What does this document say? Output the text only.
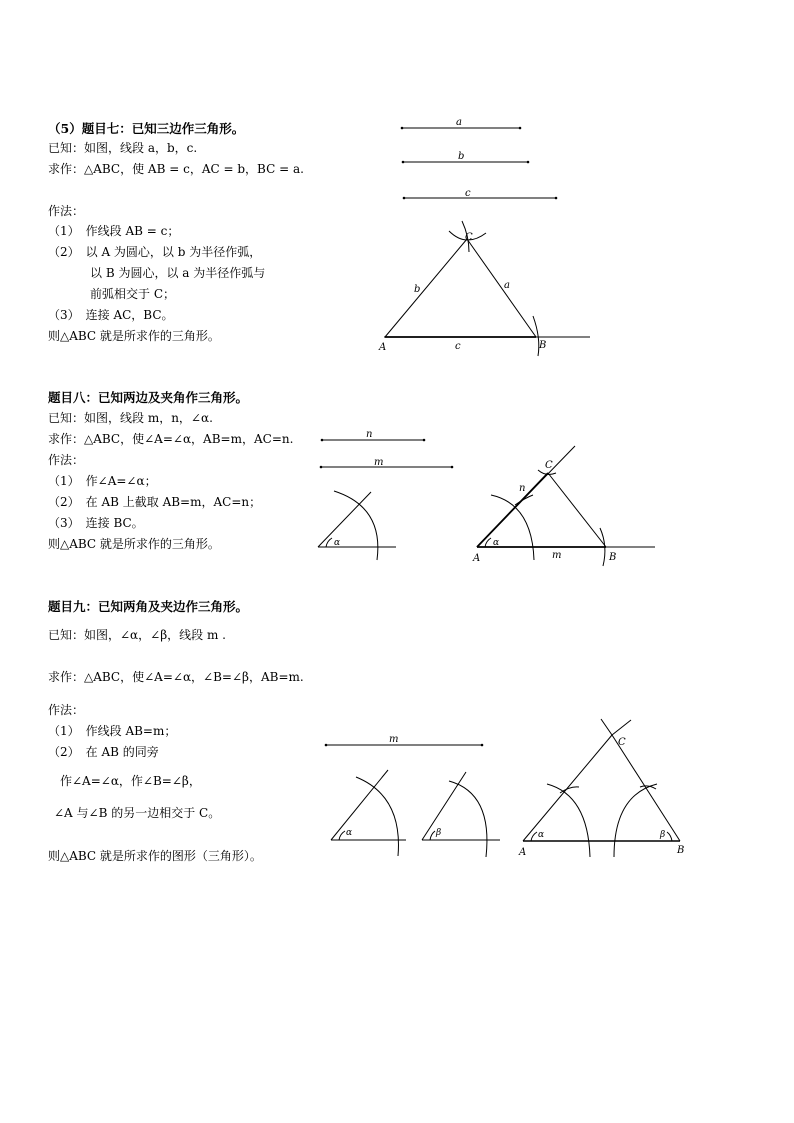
（5）题目七：已知三边作三角形。
已知：如图，线段 a，b，c.
求作：△ABC，使 AB = c，AC = b，BC = a.
作法：
（1）　作线段 AB = c；
（2）　以 A 为圆心，以 b 为半径作弧，
以 B 为圆心，以 a 为半径作弧与
前弧相交于 C；
（3）　连接 AC，BC。
则△ABC 就是所求作的三角形。
题目八：已知两边及夹角作三角形。
已知：如图，线段 m，n，∠α.
求作：△ABC，使∠A=∠α，AB=m，AC=n.
作法：
（1）　作∠A=∠α；
（2）　在 AB 上截取 AB=m，AC=n；
（3）　连接 BC。
则△ABC 就是所求作的三角形。
题目九：已知两角及夹边作三角形。
已知：如图，∠α，∠β，线段 m .
求作：△ABC，使∠A=∠α，∠B=∠β，AB=m.
作法：
（1）　作线段 AB=m；
（2）　在 AB 的同旁
作∠A=∠α，作∠B=∠β，
∠A 与∠B 的另一边相交于 C。
则△ABC 就是所求作的图形（三角形）。
a
b
c
b	a
c
A	B
C
n
m
α
n
m
α
A	B
C
m
α	β	α	β
A	B
C
